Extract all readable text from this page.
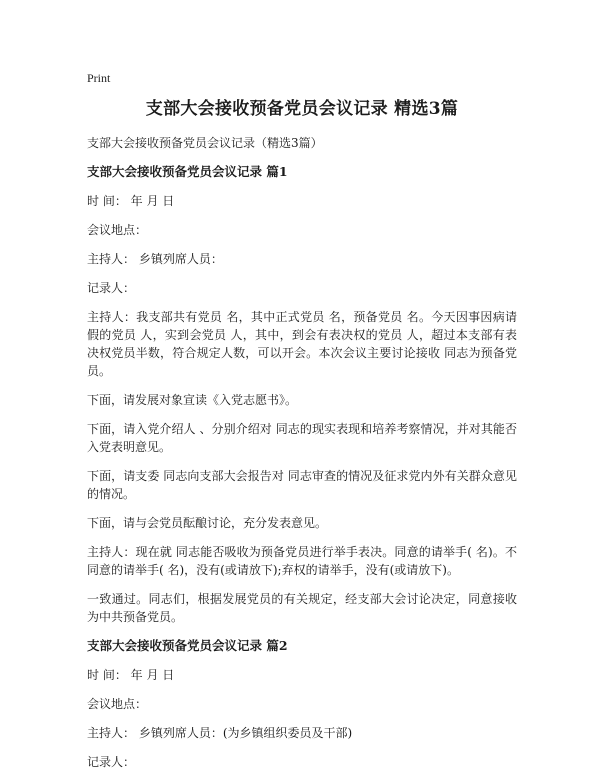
Print
支部大会接收预备党员会议记录 精选3篇
支部大会接收预备党员会议记录（精选3篇）
支部大会接收预备党员会议记录 篇1
时 间： 年 月 日
会议地点：
主持人： 乡镇列席人员：
记录人：
主持人：我支部共有党员 名，其中正式党员 名，预备党员 名。今天因事因病请假的党员 人，实到会党员 人，其中，到会有表决权的党员 人，超过本支部有表决权党员半数，符合规定人数，可以开会。本次会议主要讨论接收 同志为预备党员。
下面，请发展对象宣读《入党志愿书》。
下面，请入党介绍人 、分别介绍对 同志的现实表现和培养考察情况，并对其能否入党表明意见。
下面，请支委 同志向支部大会报告对 同志审查的情况及征求党内外有关群众意见的情况。
下面，请与会党员酝酿讨论，充分发表意见。
主持人：现在就 同志能否吸收为预备党员进行举手表决。同意的请举手( 名)。不同意的请举手( 名)，没有(或请放下);弃权的请举手，没有(或请放下)。
一致通过。同志们，根据发展党员的有关规定，经支部大会讨论决定，同意接收 为中共预备党员。
支部大会接收预备党员会议记录 篇2
时 间： 年 月 日
会议地点：
主持人： 乡镇列席人员：(为乡镇组织委员及干部)
记录人：
